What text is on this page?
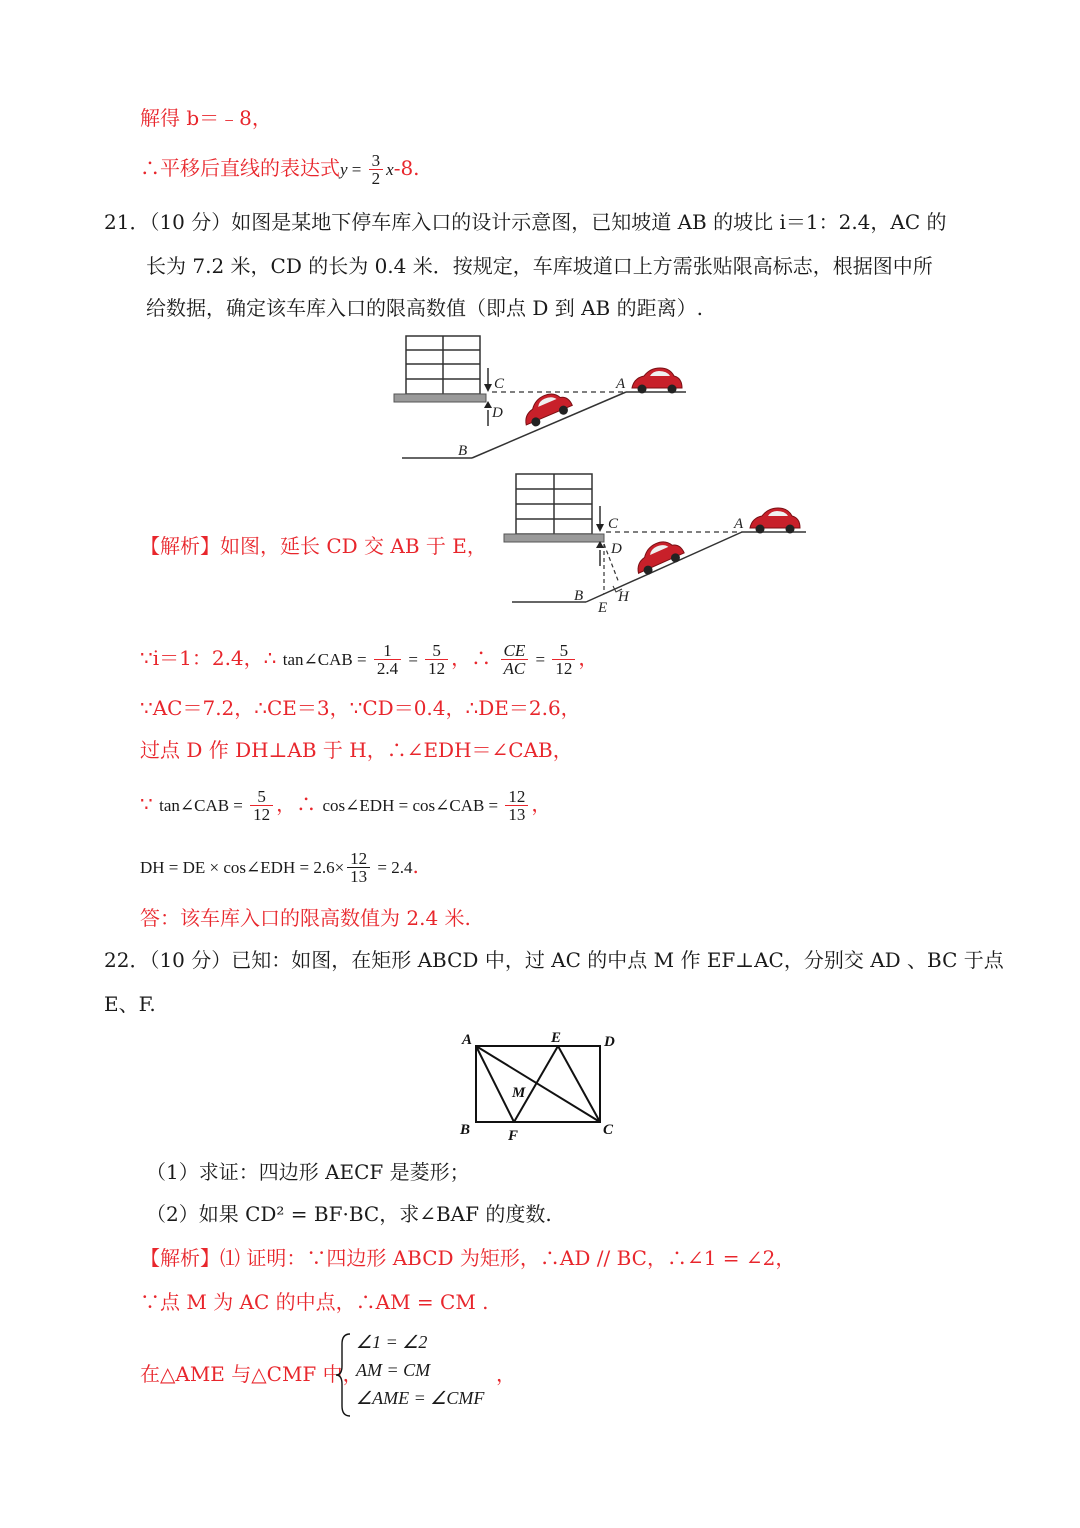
解得 b＝﹣8，
∴平移后直线的表达式$y = \frac{3}{2} x-8$.
21．（10 分）如图是某地下停车库入口的设计示意图，已知坡道 AB 的坡比 i＝1：2.4，AC 的
长为 7.2 米，CD 的长为 0.4 米．按规定，车库坡道口上方需张贴限高标志，根据图中所
给数据，确定该车库入口的限高数值（即点 D 到 AB 的距离）.
C
D
A
B
【解析】如图，延长 CD 交 AB 于 E，
C
D
A
B
E
H
∵i＝1：2.4，∴ tan∠CAB = $\frac{1}{2.4} = \frac{5}{12}$ ，∴ $\frac{CE}{AC} = \frac{5}{12}$ ，
∵AC＝7.2，∴CE＝3，∵CD＝0.4，∴DE＝2.6，
过点 D 作 DH⊥AB 于 H，∴∠EDH＝∠CAB，
∵ tan∠CAB = $\frac{5}{12}$ ，∴ cos∠EDH = cos∠CAB = $\frac{12}{13}$ ，
DH = DE × cos∠EDH = $2.6\times \frac{12}{13} = 2.4$.
答：该车库入口的限高数值为 2.4 米.
22．（10 分）已知：如图，在矩形 ABCD 中，过 AC 的中点 M 作 EF⊥AC，分别交 AD 、BC 于点
E、F.
A	E	D
M
B	F	C
（1）求证：四边形 AECF 是菱形；
（2）如果 CD² = BF·BC，求∠BAF 的度数.
【解析】⑴ 证明：∵四边形 ABCD 为矩形，∴AD // BC，∴∠1 = ∠2，
∵点 M 为 AC 的中点，∴AM = CM .
在△AME 与△CMF 中，
∠1 = ∠2
AM = CM
∠AME = ∠CMF
，
